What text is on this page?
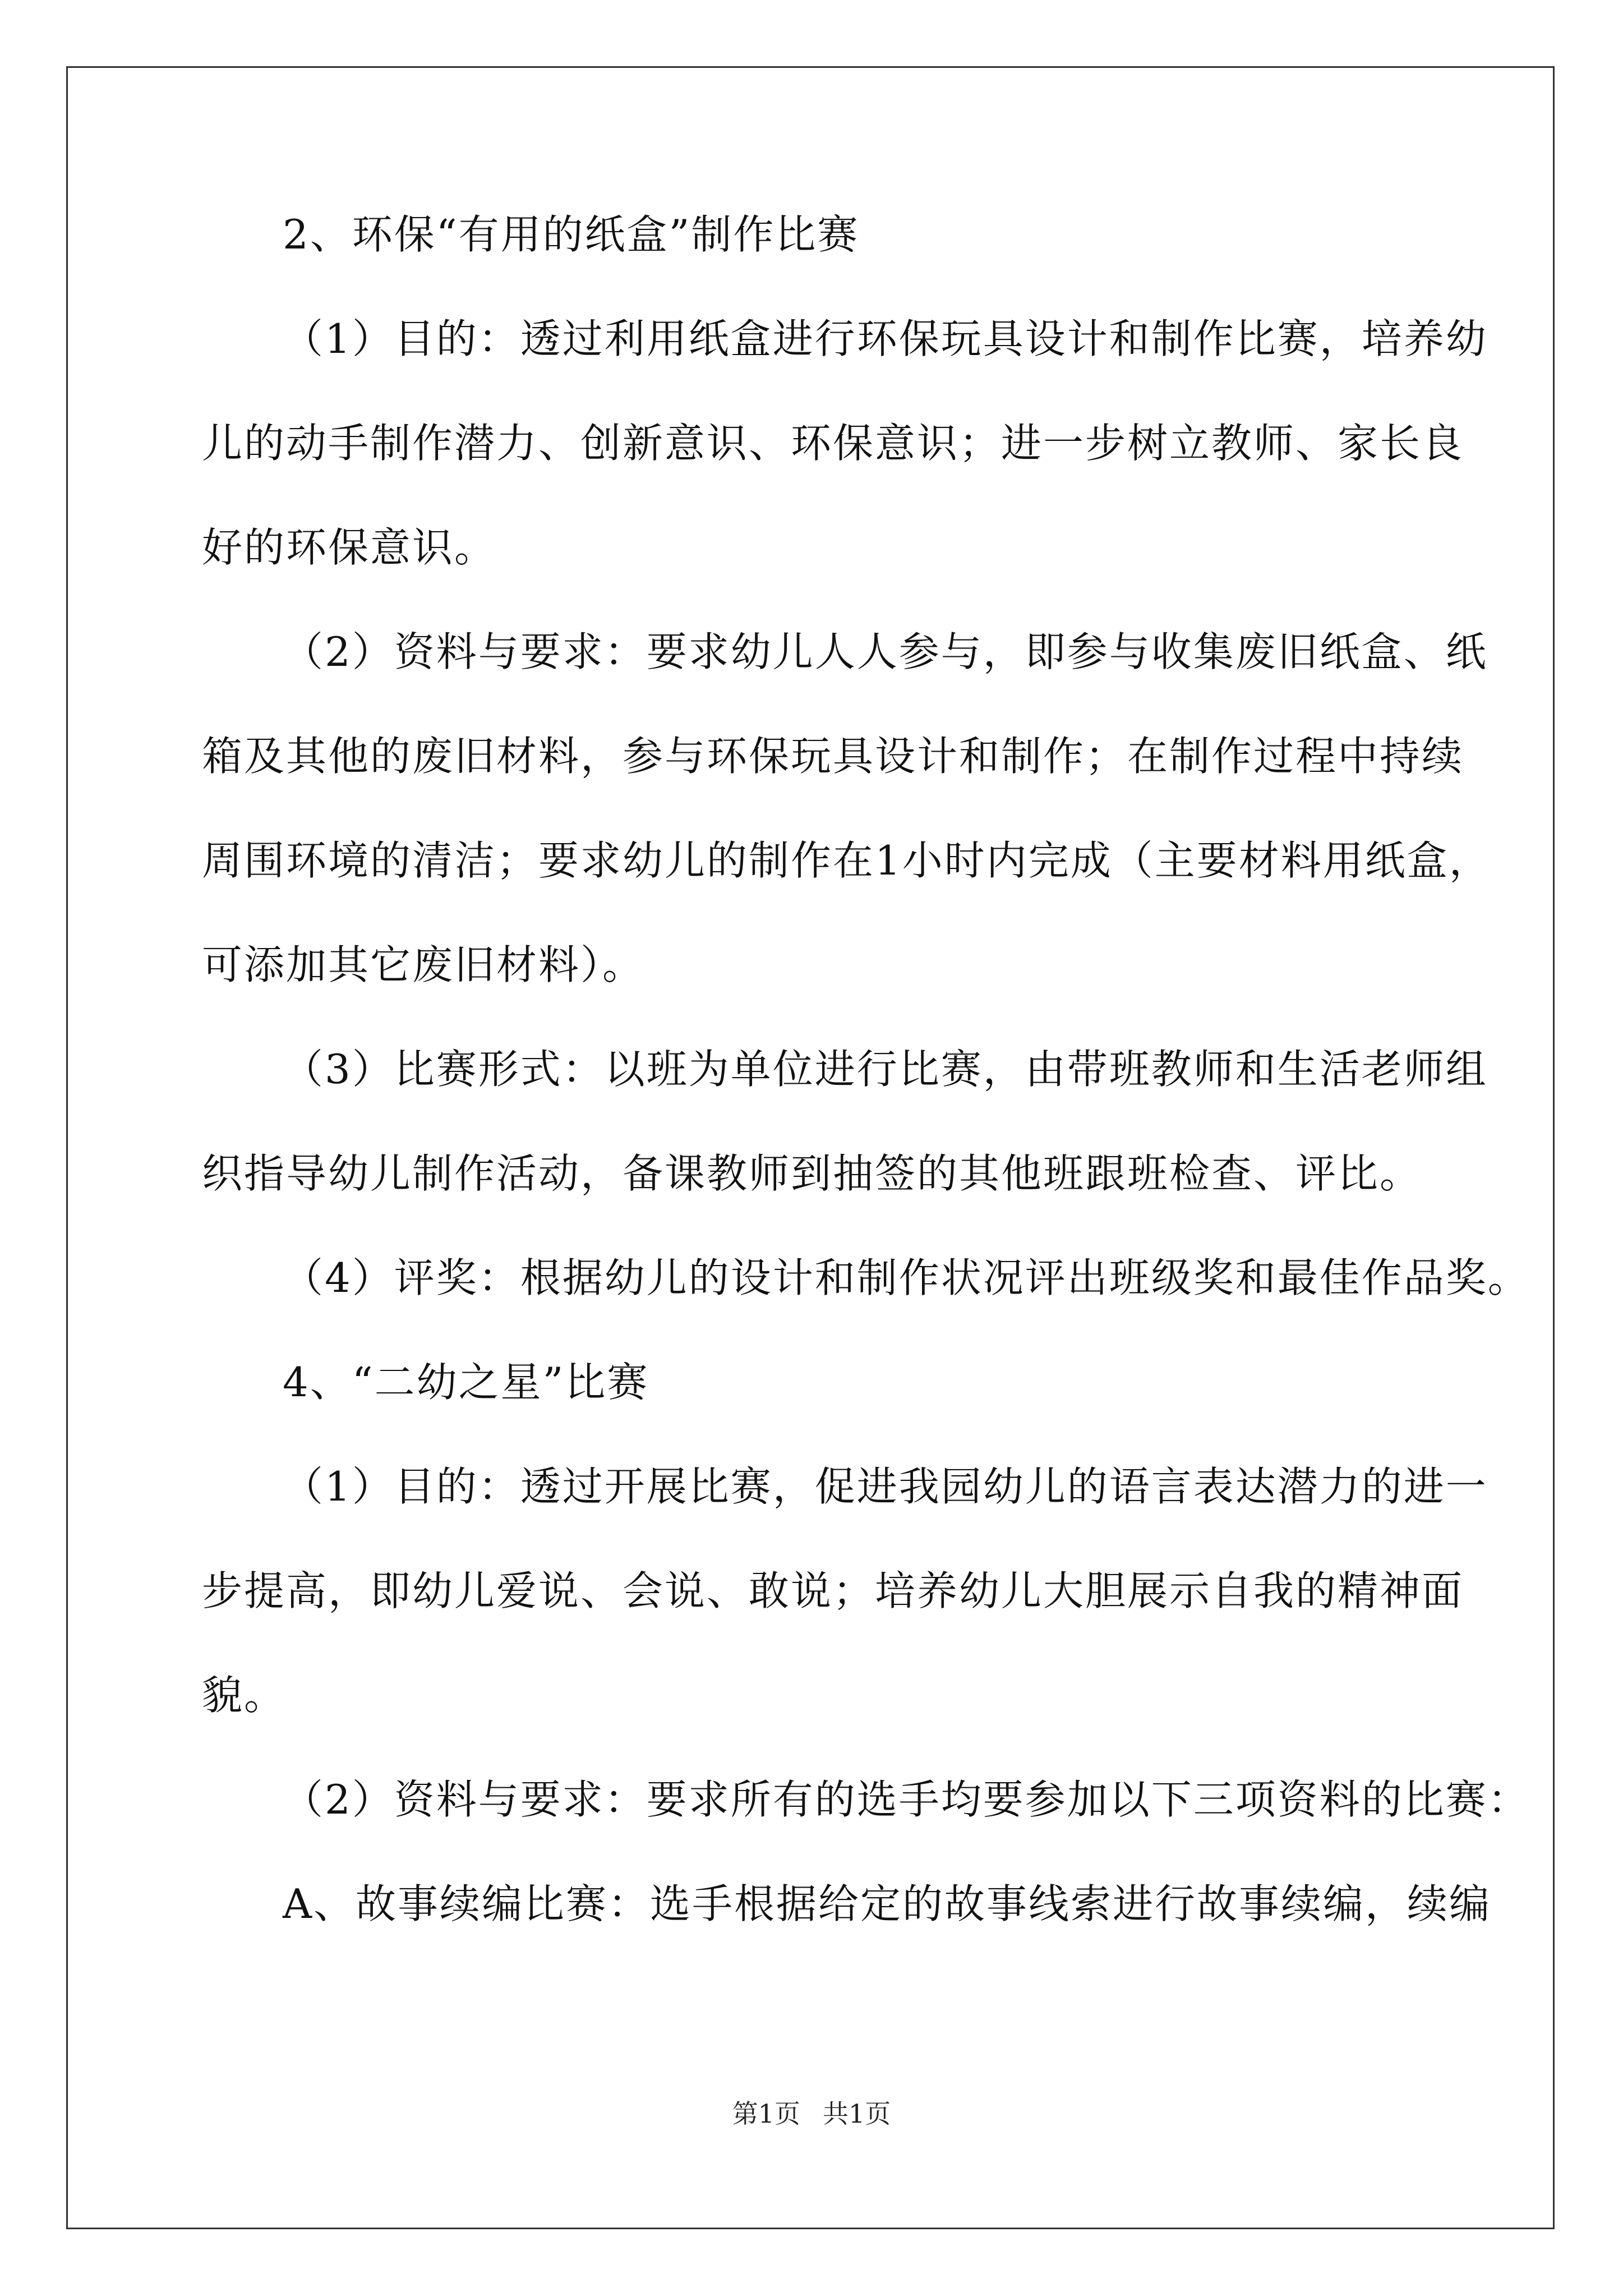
2、环保“有用的纸盒”制作比赛
（1）目的：透过利用纸盒进行环保玩具设计和制作比赛，培养幼
儿的动手制作潜力、创新意识、环保意识；进一步树立教师、家长良
好的环保意识。
（2）资料与要求：要求幼儿人人参与，即参与收集废旧纸盒、纸
箱及其他的废旧材料，参与环保玩具设计和制作；在制作过程中持续
周围环境的清洁；要求幼儿的制作在1小时内完成（主要材料用纸盒，
可添加其它废旧材料）。
（3）比赛形式：以班为单位进行比赛，由带班教师和生活老师组
织指导幼儿制作活动，备课教师到抽签的其他班跟班检查、评比。
（4）评奖：根据幼儿的设计和制作状况评出班级奖和最佳作品奖。
4、“二幼之星”比赛
（1）目的：透过开展比赛，促进我园幼儿的语言表达潜力的进一
步提高，即幼儿爱说、会说、敢说；培养幼儿大胆展示自我的精神面
貌。
（2）资料与要求：要求所有的选手均要参加以下三项资料的比赛：
A、故事续编比赛：选手根据给定的故事线索进行故事续编，续编
第1页 共1页
